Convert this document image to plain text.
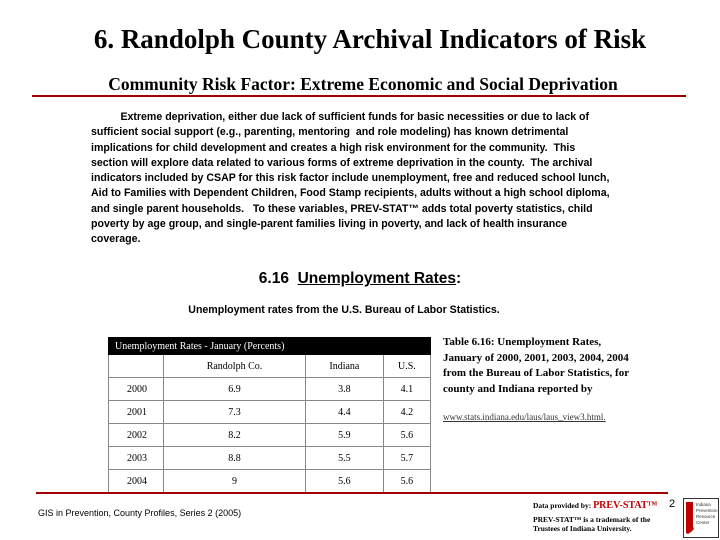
6. Randolph County Archival Indicators of Risk
Community Risk Factor: Extreme Economic and Social Deprivation
Extreme deprivation, either due lack of sufficient funds for basic necessities or due to lack of sufficient social support (e.g., parenting, mentoring  and role modeling) has known detrimental implications for child development and creates a high risk environment for the community.  This section will explore data related to various forms of extreme deprivation in the county.  The archival indicators included by CSAP for this risk factor include unemployment, free and reduced school lunch, Aid to Families with Dependent Children, Food Stamp recipients, adults without a high school diploma, and single parent households.   To these variables, PREV-STAT™ adds total poverty statistics, child poverty by age group, and single-parent families living in poverty, and lack of health insurance coverage.
6.16 Unemployment Rates:
Unemployment rates from the U.S. Bureau of Labor Statistics.
Unemployment Rates - January (Percents)			
	Randolph Co.	Indiana	U.S.
2000	6.9	3.8	4.1
2001	7.3	4.4	4.2
2002	8.2	5.9	5.6
2003	8.8	5.5	5.7
2004	9	5.6	5.6
Table 6.16: Unemployment Rates, January of 2000, 2001, 2003, 2004, 2004 from the Bureau of Labor Statistics, for county and Indiana reported by
www.stats.indiana.edu/laus/laus_view3.html.
GIS in Prevention, County Profiles, Series 2 (2005)
Data provided by: PREV-STAT™
PREV-STAT™ is a trademark of the Trustees of Indiana University.
2	Indiana
Prevention
Resource
Center
